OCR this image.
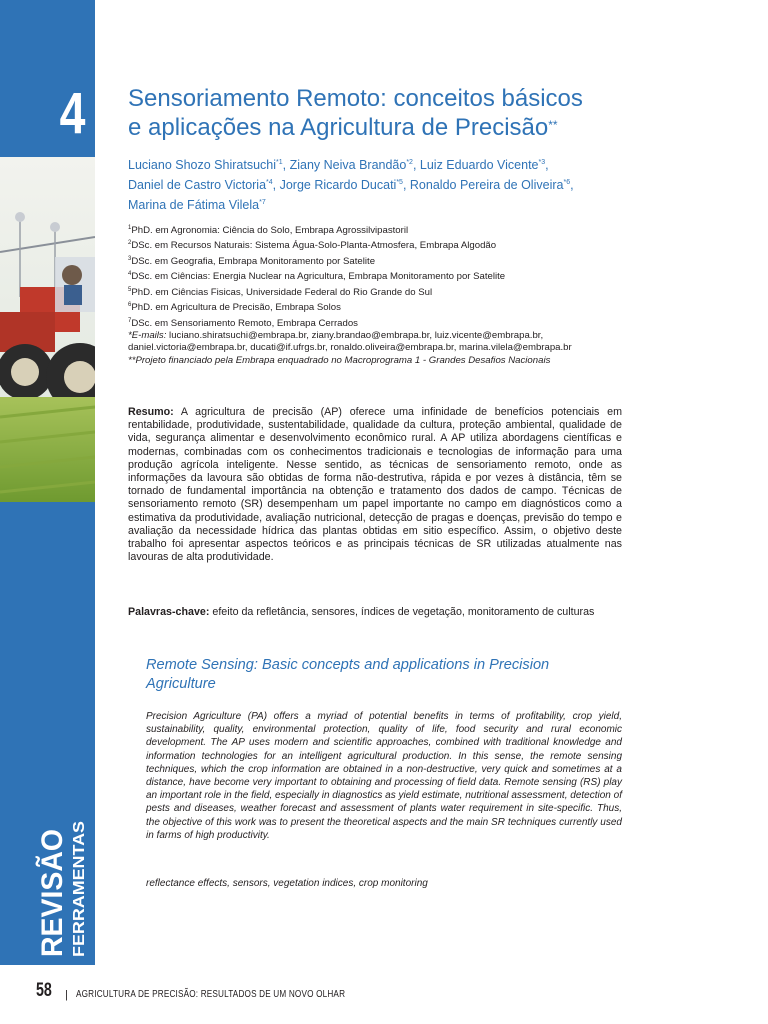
4
REVISÃO FERRAMENTAS
Sensoriamento Remoto: conceitos básicos
e aplicações na Agricultura de Precisão**
Luciano Shozo Shiratsuchi$^{*1}$, Ziany Neiva Brandão$^{*2}$, Luiz Eduardo Vicente$^{*3}$,
Daniel de Castro Victoria$^{*4}$, Jorge Ricardo Ducati$^{*5}$, Ronaldo Pereira de Oliveira$^{*6}$,
Marina de Fátima Vilela$^{*7}$
$^1$PhD. em Agronomia: Ciência do Solo, Embrapa Agrossilvipastoril
$^2$DSc. em Recursos Naturais: Sistema Água-Solo-Planta-Atmosfera, Embrapa Algodão
$^3$DSc. em Geografia, Embrapa Monitoramento por Satelite
$^4$DSc. em Ciências: Energia Nuclear na Agricultura, Embrapa Monitoramento por Satelite
$^5$PhD. em Ciências Fisicas, Universidade Federal do Rio Grande do Sul
$^6$PhD. em Agricultura de Precisão, Embrapa Solos
$^7$DSc. em Sensoriamento Remoto, Embrapa Cerrados
*E-mails: luciano.shiratsuchi@embrapa.br, ziany.brandao@embrapa.br, luiz.vicente@embrapa.br,
daniel.victoria@embrapa.br, ducati@if.ufrgs.br, ronaldo.oliveira@embrapa.br, marina.vilela@embrapa.br
**Projeto financiado pela Embrapa enquadrado no Macroprograma 1 - Grandes Desafios Nacionais
Resumo: A agricultura de precisão (AP) oferece uma infinidade de benefícios potenciais em rentabilidade, produtividade, sustentabilidade, qualidade da cultura, proteção ambiental, qualidade de vida, segurança alimentar e desenvolvimento econômico rural. A AP utiliza abordagens científicas e modernas, combinadas com os conhecimentos tradicionais e tecnologias de informação para uma produção agrícola inteligente. Nesse sentido, as técnicas de sensoriamento remoto, onde as informações da lavoura são obtidas de forma não-destrutiva, rápida e por vezes à distância, têm se tornado de fundamental importância na obtenção e tratamento dos dados de campo. Técnicas de sensoriamento remoto (SR) desempenham um papel importante no campo em diagnósticos como a estimativa da produtividade, avaliação nutricional, detecção de pragas e doenças, previsão do tempo e avaliação da necessidade hídrica das plantas obtidas em sitio específico. Assim, o objetivo deste trabalho foi apresentar aspectos teóricos e as principais técnicas de SR utilizadas atualmente nas lavouras de alta produtividade.
Palavras-chave: efeito da refletância, sensores, índices de vegetação, monitoramento de culturas
Remote Sensing: Basic concepts and applications in Precision Agriculture
Precision Agriculture (PA) offers a myriad of potential benefits in terms of profitability, crop yield, sustainability, quality, environmental protection, quality of life, food security and rural economic development. The AP uses modern and scientific approaches, combined with traditional knowledge and information technologies for an intelligent agricultural production. In this sense, the remote sensing techniques, which the crop information are obtained in a non-destructive, very quick and sometimes at a distance, have become very important to obtaining and processing of field data. Remote sensing (RS) play an important role in the field, especially in diagnostics as yield estimate, nutritional assessment, detection of pests and diseases, weather forecast and assessment of plants water requirement in site-specific. Thus, the objective of this work was to present the theoretical aspects and the main SR techniques currently used in farms of high productivity.
reflectance effects, sensors, vegetation indices, crop monitoring
58 | AGRICULTURA DE PRECISÃO: RESULTADOS DE UM NOVO OLHAR
